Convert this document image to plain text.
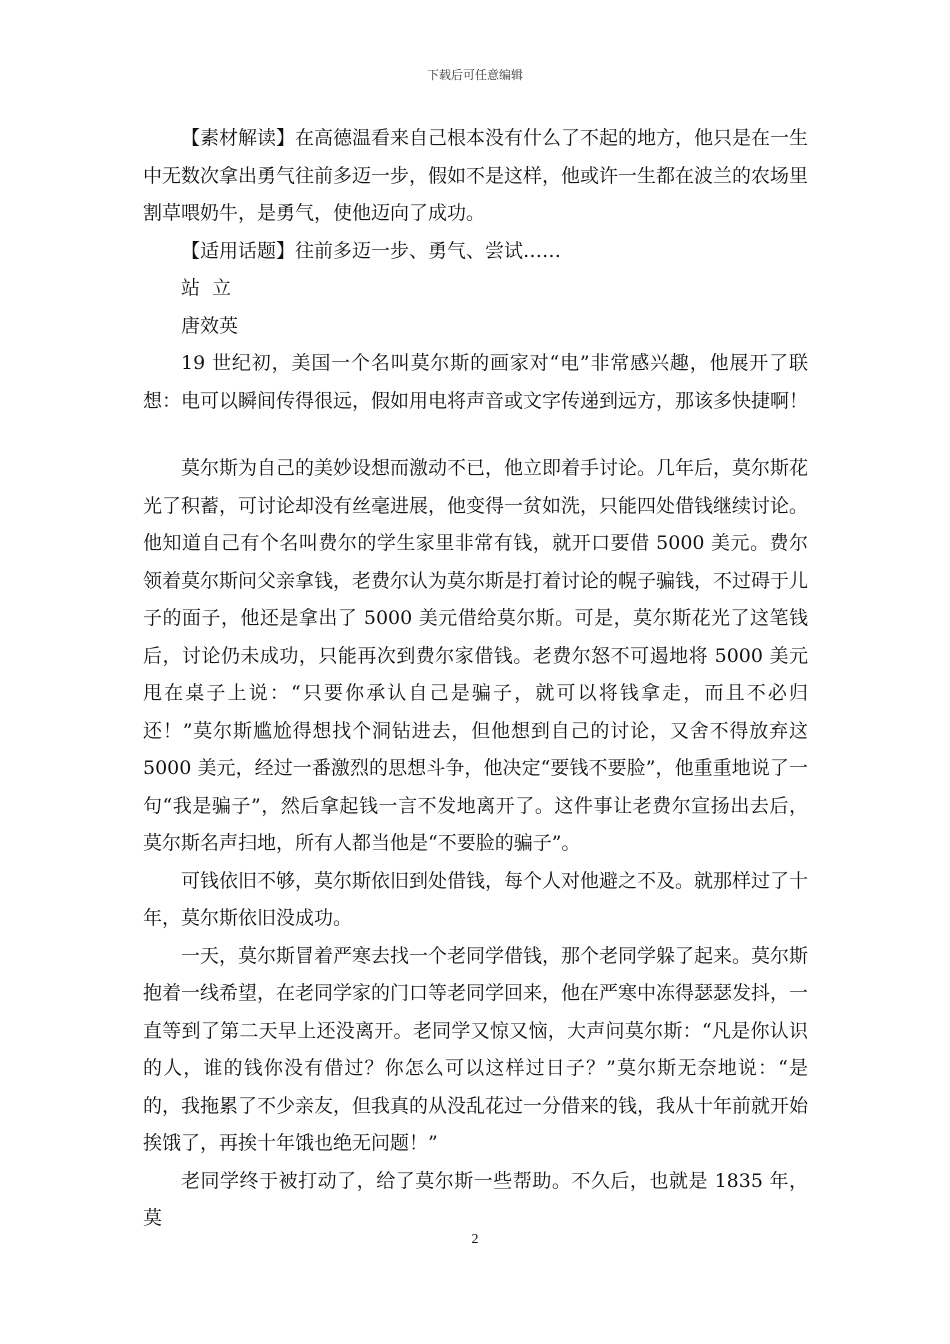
下载后可任意编辑

【素材解读】在高德温看来自己根本没有什么了不起的地方，他只是在一生中无数次拿出勇气往前多迈一步，假如不是这样，他或许一生都在波兰的农场里割草喂奶牛，是勇气，使他迈向了成功。

【适用话题】往前多迈一步、勇气、尝试……

站  立

唐效英

19 世纪初，美国一个名叫莫尔斯的画家对“电”非常感兴趣，他展开了联想：电可以瞬间传得很远，假如用电将声音或文字传递到远方，那该多快捷啊！

莫尔斯为自己的美妙设想而激动不已，他立即着手讨论。几年后，莫尔斯花光了积蓄，可讨论却没有丝毫进展，他变得一贫如洗，只能四处借钱继续讨论。他知道自己有个名叫费尔的学生家里非常有钱，就开口要借 5000 美元。费尔领着莫尔斯问父亲拿钱，老费尔认为莫尔斯是打着讨论的幌子骗钱，不过碍于儿子的面子，他还是拿出了 5000 美元借给莫尔斯。可是，莫尔斯花光了这笔钱后，讨论仍未成功，只能再次到费尔家借钱。老费尔怒不可遏地将 5000 美元甩在桌子上说：“只要你承认自己是骗子，就可以将钱拿走，而且不必归还！”莫尔斯尴尬得想找个洞钻进去，但他想到自己的讨论，又舍不得放弃这 5000 美元，经过一番激烈的思想斗争，他决定“要钱不要脸”，他重重地说了一句“我是骗子”，然后拿起钱一言不发地离开了。这件事让老费尔宣扬出去后，莫尔斯名声扫地，所有人都当他是“不要脸的骗子”。

可钱依旧不够，莫尔斯依旧到处借钱，每个人对他避之不及。就那样过了十年，莫尔斯依旧没成功。

一天，莫尔斯冒着严寒去找一个老同学借钱，那个老同学躲了起来。莫尔斯抱着一线希望，在老同学家的门口等老同学回来，他在严寒中冻得瑟瑟发抖，一直等到了第二天早上还没离开。老同学又惊又恼，大声问莫尔斯：“凡是你认识的人，谁的钱你没有借过？你怎么可以这样过日子？”莫尔斯无奈地说：“是的，我拖累了不少亲友，但我真的从没乱花过一分借来的钱，我从十年前就开始挨饿了，再挨十年饿也绝无问题！”

老同学终于被打动了，给了莫尔斯一些帮助。不久后，也就是 1835 年，莫

2
